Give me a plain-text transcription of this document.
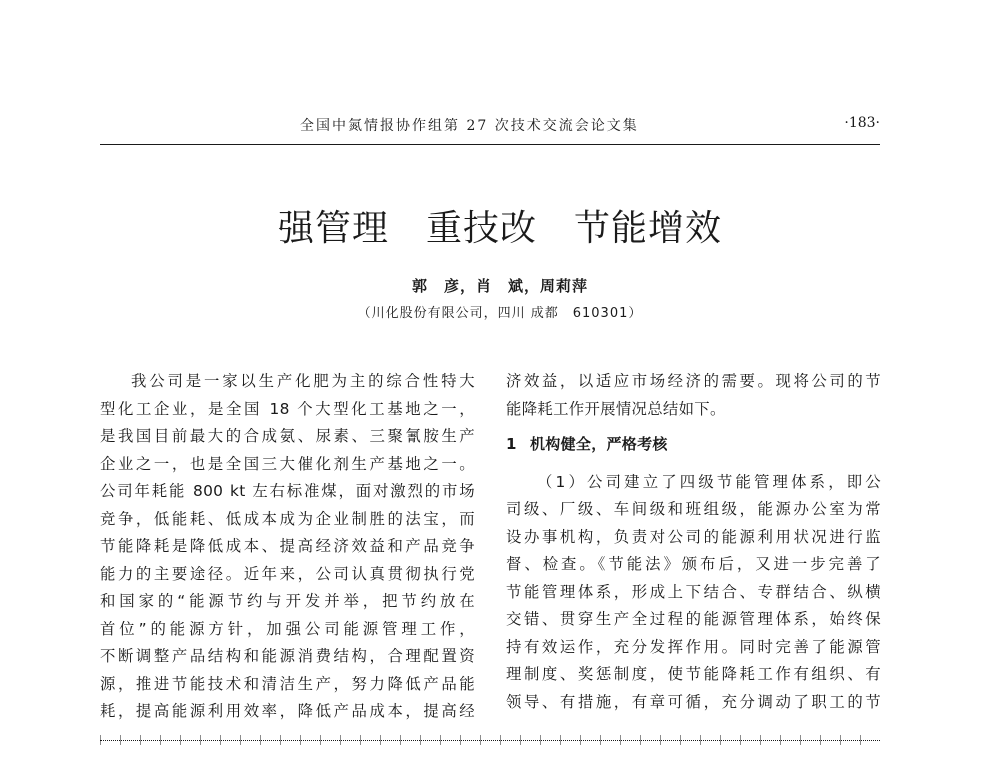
全国中氮情报协作组第 27 次技术交流会论文集	·183·
强管理　重技改　节能增效
郭　彦，肖　斌，周莉萍
（川化股份有限公司，四川 成都　610301）
我公司是一家以生产化肥为主的综合性特大
型化工企业，是全国 18 个大型化工基地之一，
是我国目前最大的合成氨、尿素、三聚氰胺生产
企业之一，也是全国三大催化剂生产基地之一。
公司年耗能 800 kt 左右标准煤，面对激烈的市场
竞争，低能耗、低成本成为企业制胜的法宝，而
节能降耗是降低成本、提高经济效益和产品竞争
能力的主要途径。近年来，公司认真贯彻执行党
和国家的“能源节约与开发并举，把节约放在
首位”的能源方针，加强公司能源管理工作，
不断调整产品结构和能源消费结构，合理配置资
源，推进节能技术和清洁生产，努力降低产品能
耗，提高能源利用效率，降低产品成本，提高经
济效益，以适应市场经济的需要。现将公司的节
能降耗工作开展情况总结如下。
1 机构健全，严格考核
（1）公司建立了四级节能管理体系，即公
司级、厂级、车间级和班组级，能源办公室为常
设办事机构，负责对公司的能源利用状况进行监
督、检查。《节能法》颁布后，又进一步完善了
节能管理体系，形成上下结合、专群结合、纵横
交错、贯穿生产全过程的能源管理体系，始终保
持有效运作，充分发挥作用。同时完善了能源管
理制度、奖惩制度，使节能降耗工作有组织、有
领导、有措施，有章可循，充分调动了职工的节
